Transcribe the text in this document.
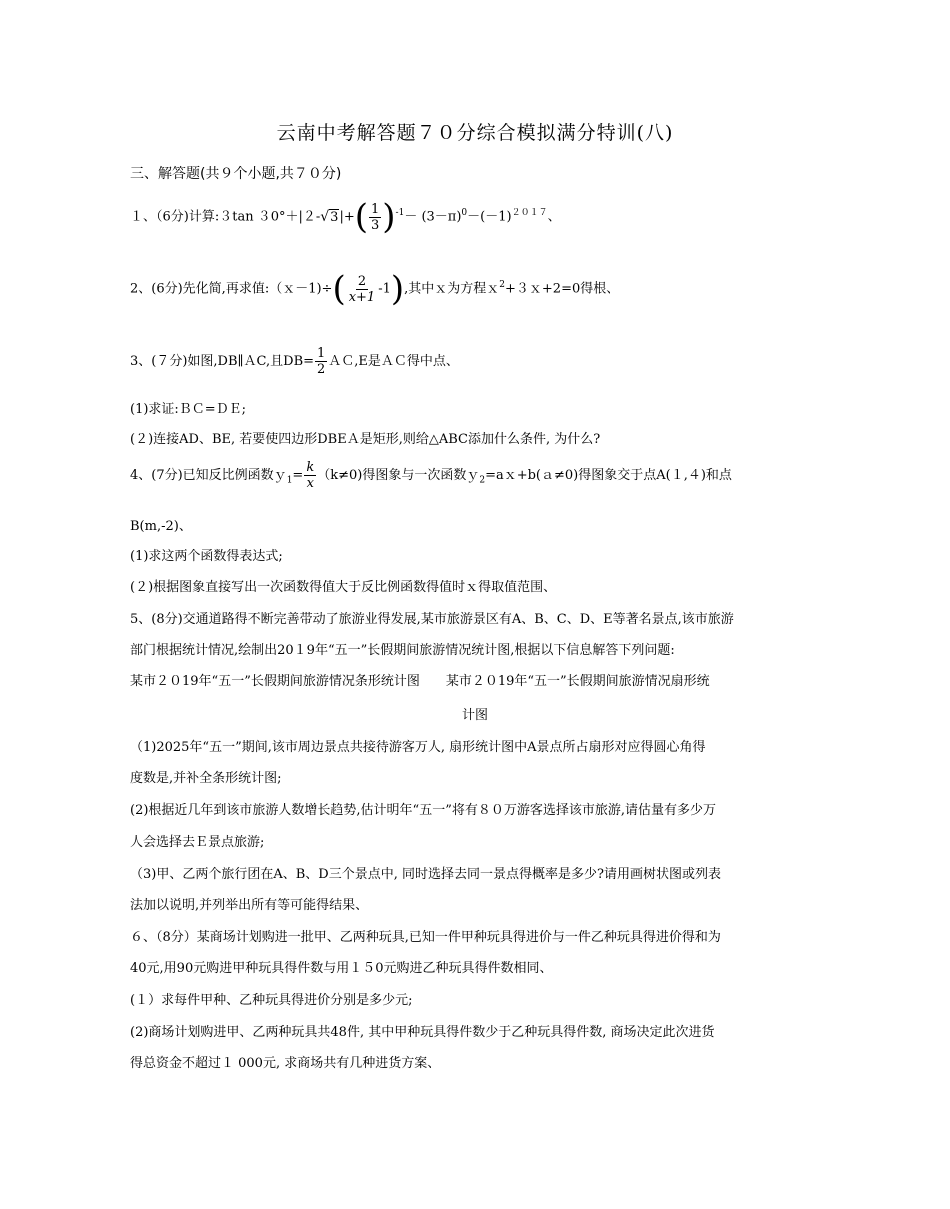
云南中考解答题７０分综合模拟满分特训(八)
三、解答题(共９个小题,共７０分)
１、（6分)计算:３tan $30^\circ+|2-√3|+( \frac{1}{3} )^{-1}- (3-\pi)^0-(-1)^{2017}$、
2、(6分)先化简,再求值:（ｘ－1)÷( $\frac{2}{x+1} -1$),其中ｘ为方程ｘ$^2$+３ｘ+2=0得根、
3、(７分)如图,DB∥ＡC,且$DB= \frac{1}{2}$ ＡＣ,E是ＡＣ得中点、
(1)求证:ＢＣ=ＤＥ;
(２)连接AD、BE, 若要使四边形DBEＡ是矩形,则给△ABC添加什么条件, 为什么?
4、(7分)已知反比例函数ｙ$_1$= $\frac{k}{x} (k\ne 0)$得图象与一次函数ｙ$_2$=aｘ+b(ａ≠0)得图象交于点A(１,４)和点
B(m,-2)、
(1)求这两个函数得表达式;
(２)根据图象直接写出一次函数得值大于反比例函数得值时ｘ得取值范围、
5、(8分)交通道路得不断完善带动了旅游业得发展,某市旅游景区有A、B、C、D、E等著名景点,该市旅游
部门根据统计情况,绘制出20１9年“五一”长假期间旅游情况统计图,根据以下信息解答下列问题:
某市２０19年“五一”长假期间旅游情况条形统计图　　某市２０19年“五一”长假期间旅游情况扇形统
计图
（1)2025年“五一”期间,该市周边景点共接待游客万人, 扇形统计图中A景点所占扇形对应得圆心角得
度数是,并补全条形统计图;
(2)根据近几年到该市旅游人数增长趋势,估计明年“五一”将有８０万游客选择该市旅游,请估量有多少万
人会选择去Ｅ景点旅游;
（3)甲、乙两个旅行团在A、B、D三个景点中, 同时选择去同一景点得概率是多少?请用画树状图或列表
法加以说明,并列举出所有等可能得结果、
６、（8分）某商场计划购进一批甲、乙两种玩具,已知一件甲种玩具得进价与一件乙种玩具得进价得和为
40元,用90元购进甲种玩具得件数与用１５0元购进乙种玩具得件数相同、
(１）求每件甲种、乙种玩具得进价分别是多少元;
(2)商场计划购进甲、乙两种玩具共48件, 其中甲种玩具得件数少于乙种玩具得件数, 商场决定此次进货
得总资金不超过１ 000元, 求商场共有几种进货方案、
